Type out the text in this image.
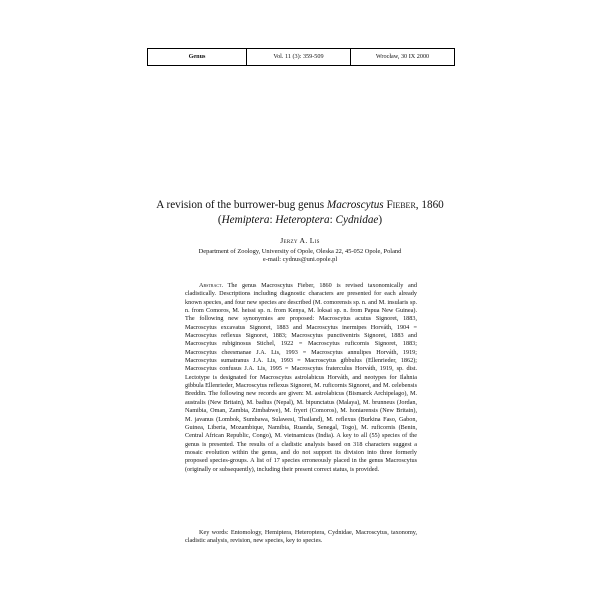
Genus	Vol. 11 (3): 359-509	Wrocław, 30 IX 2000
A revision of the burrower-bug genus Macroscytus Fieber, 1860
(Hemiptera: Heteroptera: Cydnidae)
Jerzy A. Lis
Department of Zoology, University of Opole, Oleska 22, 45-052 Opole, Poland
e-mail: cydnus@uni.opole.pl
Abstract. The genus Macroscytus Fieber, 1860 is revised taxonomically and cladistically. Descriptions including diagnostic characters are presented for each already known species, and four new species are described (M. comorensis sp. n. and M. insularis sp. n. from Comoros, M. heissi sp. n. from Kenya, M. loksai sp. n. from Papua New Guinea). The following new synonymies are proposed: Macroscytus acutus Signoret, 1883, Macroscytus excavatus Signoret, 1883 and Macroscytus inermipes Horváth, 1904 = Macroscytus reflexus Signoret, 1883; Macroscytus punctiventris Signoret, 1883 and Macroscytus rubiginosus Stichel, 1922 = Macroscytus ruficornis Signoret, 1883; Macroscytus cheesmanae J.A. Lis, 1993 = Macroscytus annulipes Horváth, 1919; Macroscytus sumatranus J.A. Lis, 1993 = Macroscytus gibbulus (Ellenrieder, 1862); Macroscytus confusus J.A. Lis, 1995 = Macroscytus fraterculus Horváth, 1919, sp. dist. Lectotype is designated for Macroscytus astrolabicus Horváth, and neotypes for Ilahnia gibbula Ellenrieder, Macroscytus reflexus Signoret, M. ruficornis Signoret, and M. celebensis Breddin. The following new records are given: M. astrolabicus (Bismarck Archipelago), M. australis (New Britain), M. badius (Nepal), M. bipunctatus (Malaya), M. brunneus (Jordan, Namibia, Oman, Zambia, Zimbabwe), M. fryeri (Comoros), M. honiarensis (New Britain), M. javanus (Lombok, Sumbawa, Sulawesi, Thailand), M. reflexus (Burkina Faso, Gabon, Guinea, Liberia, Mozambique, Namibia, Ruanda, Senegal, Togo), M. ruficornis (Benin, Central African Republic, Congo), M. vietnamicus (India). A key to all (55) species of the genus is presented. The results of a cladistic analysis based on 318 characters suggest a mosaic evolution within the genus, and do not support its division into three formerly proposed species-groups. A list of 17 species erroneously placed in the genus Macroscytus (originally or subsequently), including their present correct status, is provided.
Key words: Entomology, Hemiptera, Heteroptera, Cydnidae, Macroscytus, taxonomy, cladistic analysis, revision, new species, key to species.
